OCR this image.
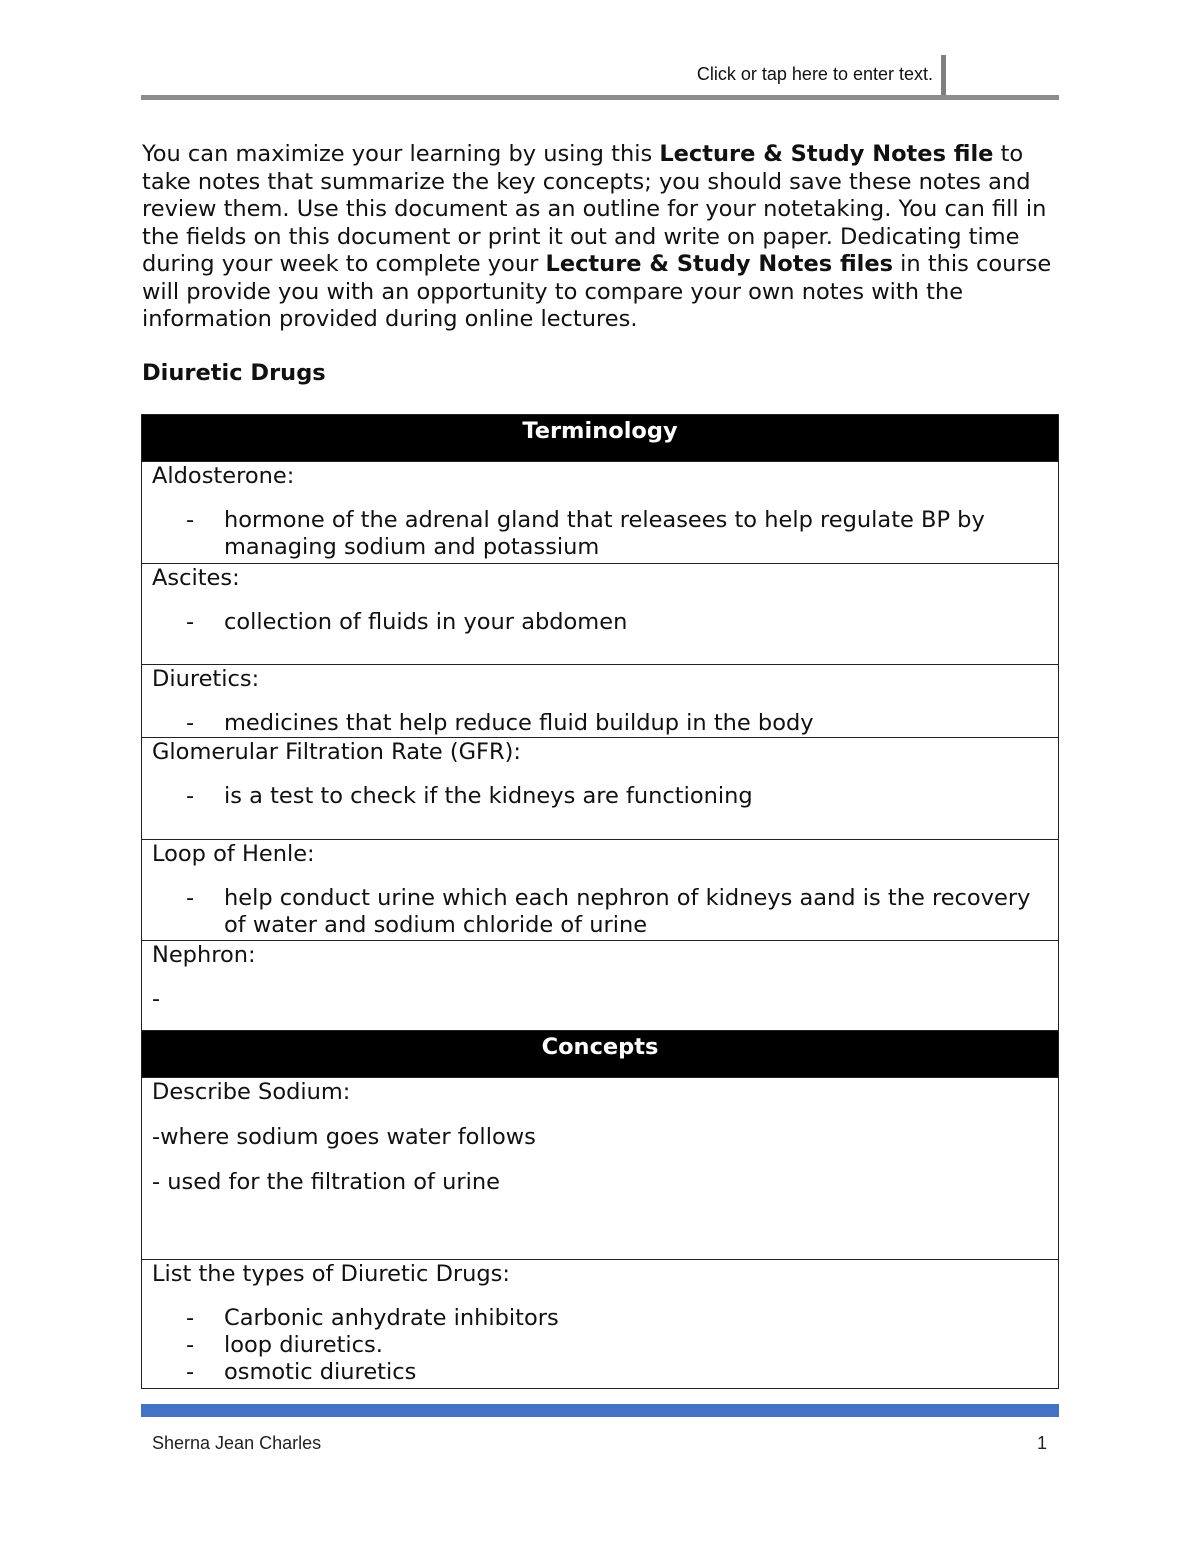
Click or tap here to enter text.

You can maximize your learning by using this Lecture & Study Notes file to take notes that summarize the key concepts; you should save these notes and review them. Use this document as an outline for your notetaking. You can fill in the fields on this document or print it out and write on paper. Dedicating time during your week to complete your Lecture & Study Notes files in this course will provide you with an opportunity to compare your own notes with the information provided during online lectures.

Diuretic Drugs
Terminology

Aldosterone:
- hormone of the adrenal gland that releasees to help regulate BP by managing sodium and potassium

Ascites:
- collection of fluids in your abdomen

Diuretics:
- medicines that help reduce fluid buildup in the body

Glomerular Filtration Rate (GFR):
- is a test to check if the kidneys are functioning

Loop of Henle:
- help conduct urine which each nephron of kidneys aand is the recovery of water and sodium chloride of urine

Nephron:
-

Concepts

Describe Sodium:
-where sodium goes water follows
- used for the filtration of urine

List the types of Diuretic Drugs:
- Carbonic anhydrate inhibitors
- loop diuretics.
- osmotic diuretics
Sherna Jean Charles	1
